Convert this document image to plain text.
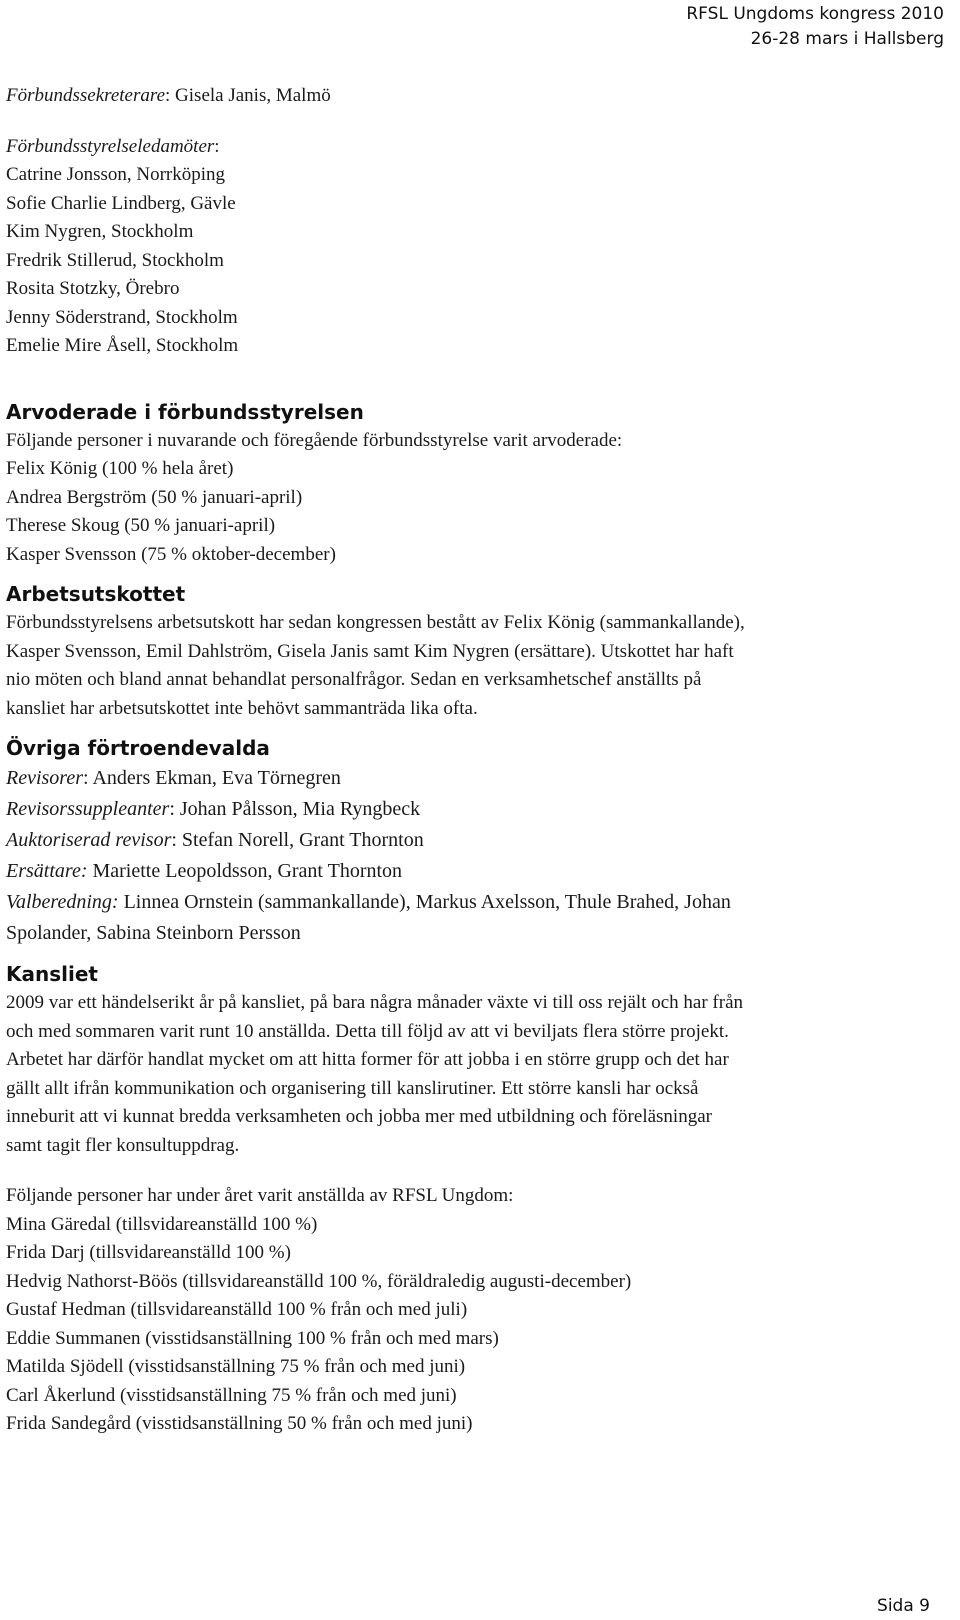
RFSL Ungdoms kongress 2010
26-28 mars i Hallsberg
Förbundssekreterare: Gisela Janis, Malmö
Förbundsstyrelseledamöter:
Catrine Jonsson, Norrköping
Sofie Charlie Lindberg, Gävle
Kim Nygren, Stockholm
Fredrik Stillerud, Stockholm
Rosita Stotzky, Örebro
Jenny Söderstrand, Stockholm
Emelie Mire Åsell, Stockholm
Arvoderade i förbundsstyrelsen
Följande personer i nuvarande och föregående förbundsstyrelse varit arvoderade:
Felix König (100 % hela året)
Andrea Bergström (50 % januari-april)
Therese Skoug (50 % januari-april)
Kasper Svensson (75 % oktober-december)
Arbetsutskottet
Förbundsstyrelsens arbetsutskott har sedan kongressen bestått av Felix König (sammankallande),
Kasper Svensson, Emil Dahlström, Gisela Janis samt Kim Nygren (ersättare). Utskottet har haft
nio möten och bland annat behandlat personalfrågor. Sedan en verksamhetschef anställts på
kansliet har arbetsutskottet inte behövt sammanträda lika ofta.
Övriga förtroendevalda
Revisorer: Anders Ekman, Eva Törnegren
Revisorssuppleanter: Johan Pålsson, Mia Ryngbeck
Auktoriserad revisor: Stefan Norell, Grant Thornton
Ersättare: Mariette Leopoldsson, Grant Thornton
Valberedning: Linnea Ornstein (sammankallande), Markus Axelsson, Thule Brahed, Johan
Spolander, Sabina Steinborn Persson
Kansliet
2009 var ett händelserikt år på kansliet, på bara några månader växte vi till oss rejält och har från
och med sommaren varit runt 10 anställda. Detta till följd av att vi beviljats flera större projekt.
Arbetet har därför handlat mycket om att hitta former för att jobba i en större grupp och det har
gällt allt ifrån kommunikation och organisering till kanslirutiner. Ett större kansli har också
inneburit att vi kunnat bredda verksamheten och jobba mer med utbildning och föreläsningar
samt tagit fler konsultuppdrag.
Följande personer har under året varit anställda av RFSL Ungdom:
Mina Gäredal (tillsvidareanställd 100 %)
Frida Darj (tillsvidareanställd 100 %)
Hedvig Nathorst-Böös (tillsvidareanställd 100 %, föräldraledig augusti-december)
Gustaf Hedman (tillsvidareanställd 100 % från och med juli)
Eddie Summanen (visstidsanställning 100 % från och med mars)
Matilda Sjödell (visstidsanställning 75 % från och med juni)
Carl Åkerlund (visstidsanställning 75 % från och med juni)
Frida Sandegård (visstidsanställning 50 % från och med juni)
Sida 9
